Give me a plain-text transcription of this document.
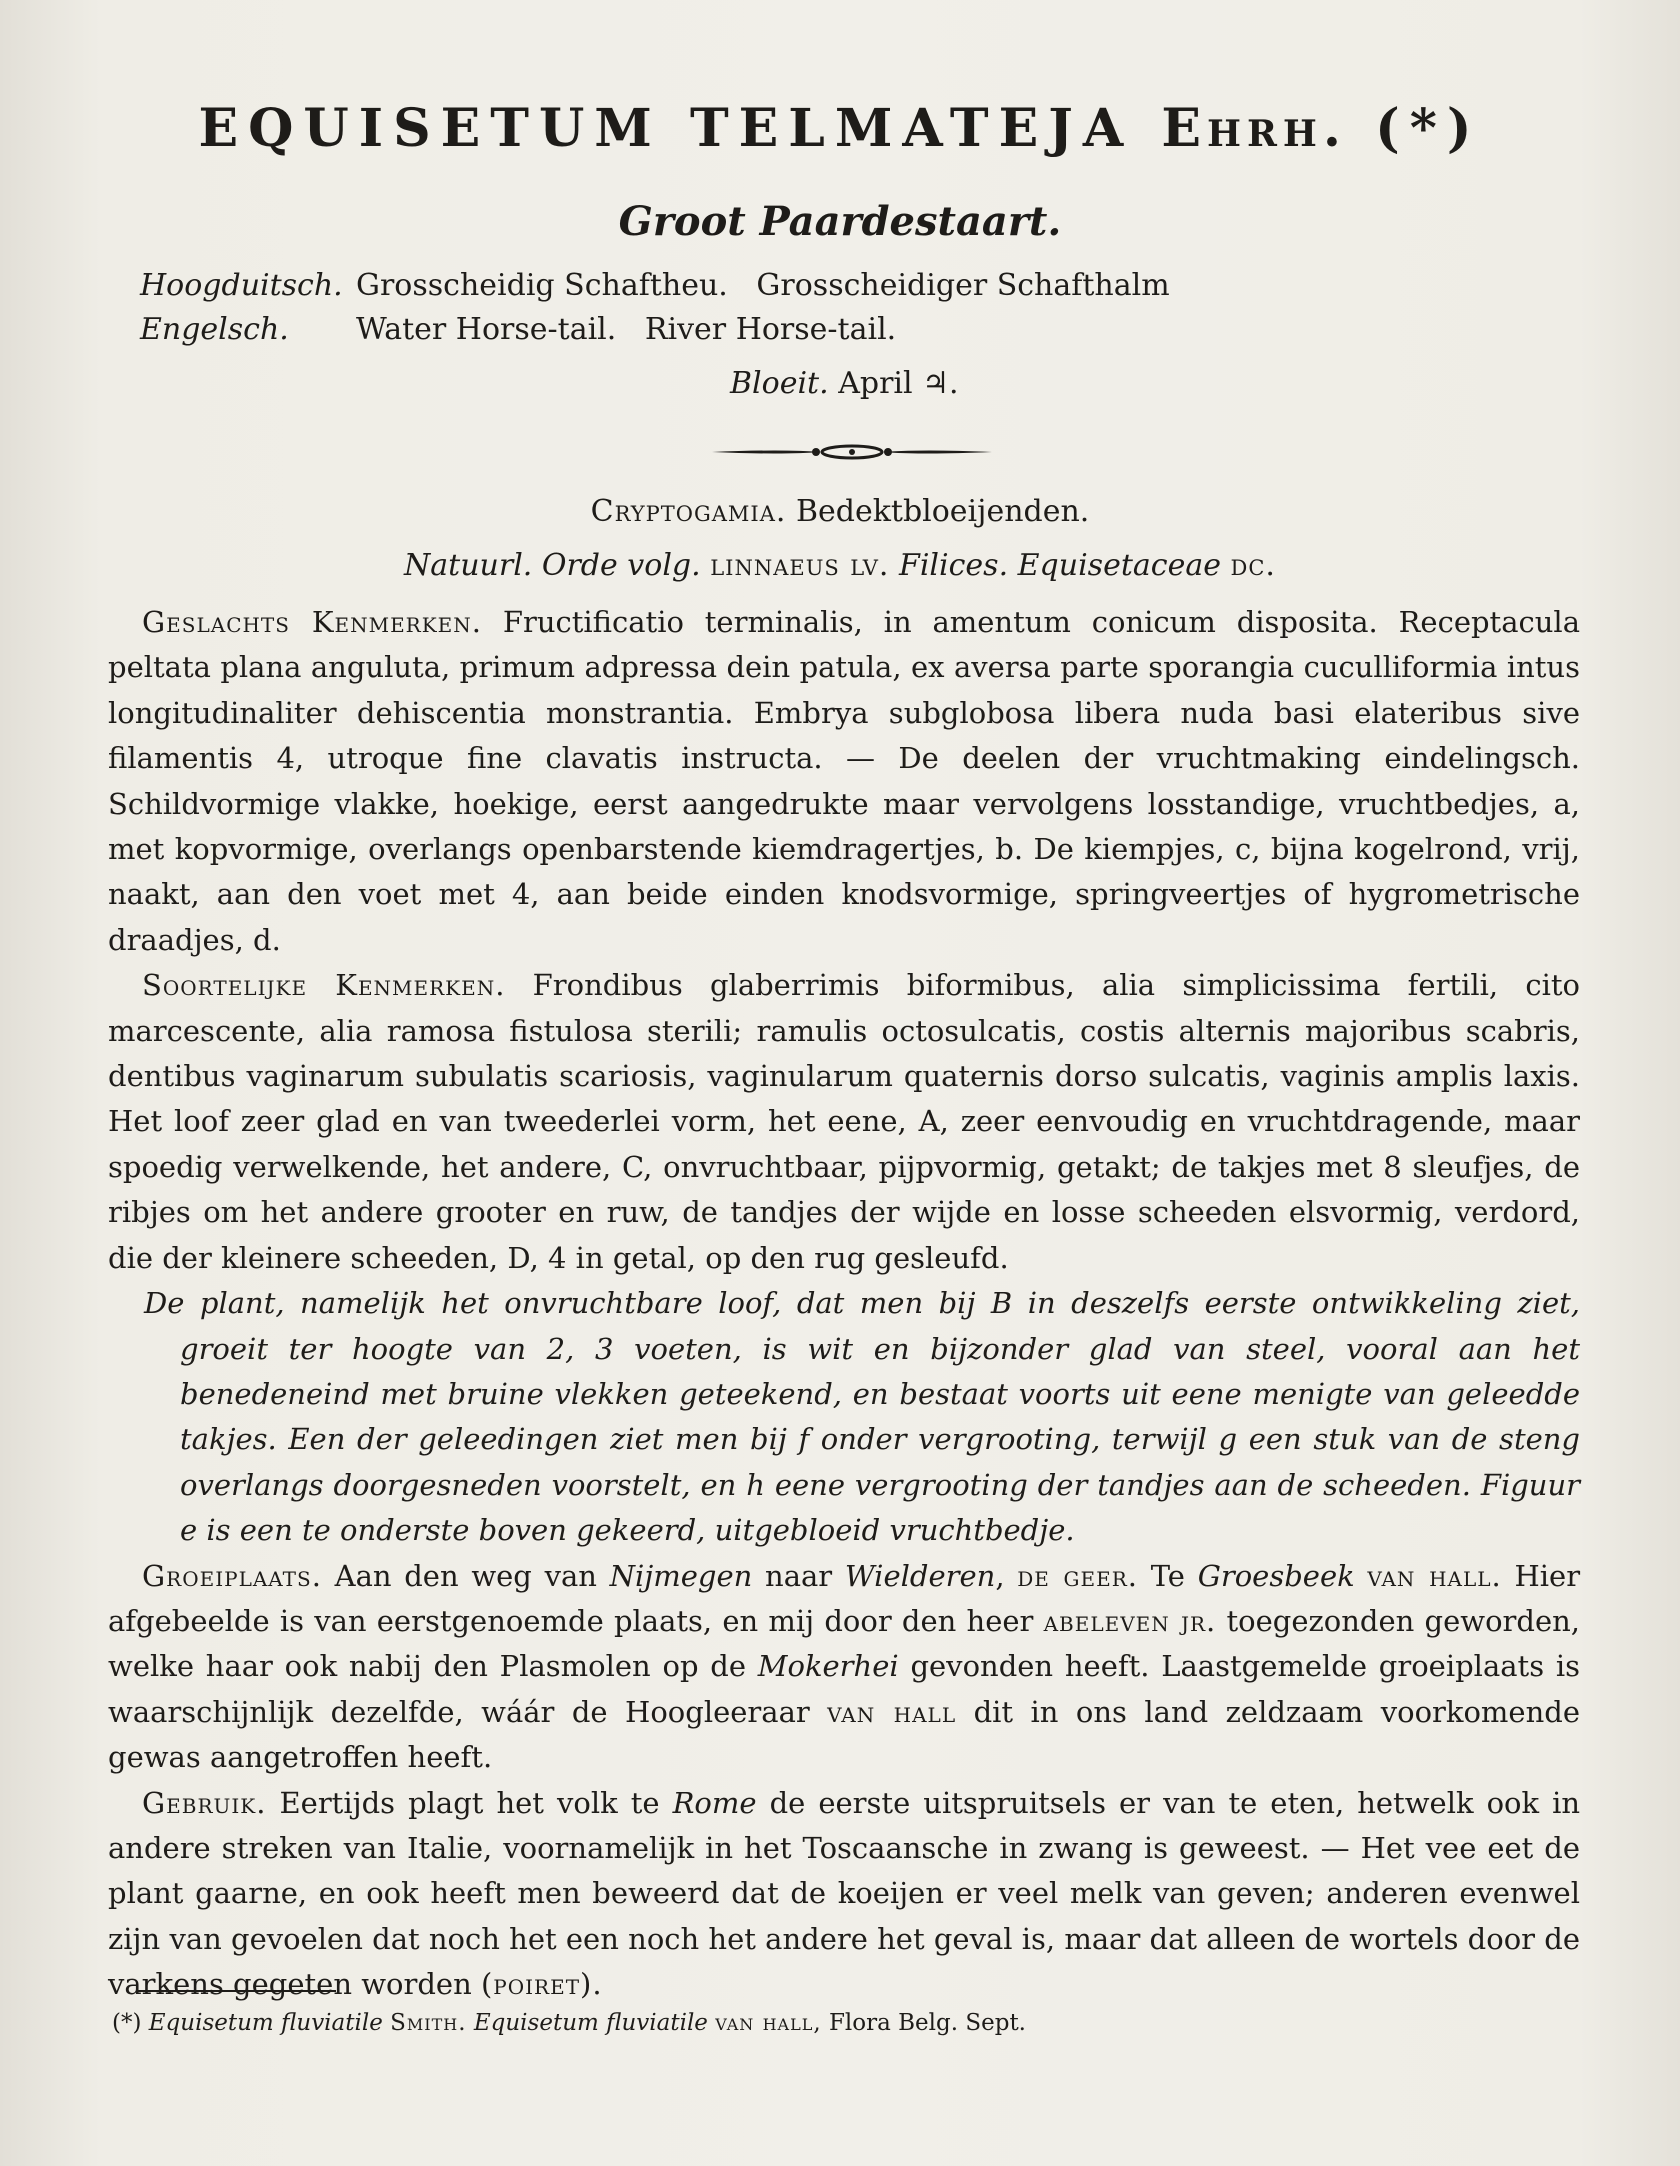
EQUISETUM TELMATEJA Ehrh. (*)
Groot Paardestaart.
Hoogduitsch. Grosscheidig Schaftheu.   Grosscheidiger Schafthalm
Engelsch. Water Horse-tail.   River Horse-tail.
Bloeit. April ♃.
Cryptogamia. Bedektbloeijenden.
Natuurl. Orde volg. linnaeus lv. Filices. Equisetaceae dc.

Geslachts Kenmerken. Fructificatio terminalis, in amentum conicum disposita. Receptacula peltata plana anguluta, primum adpressa dein patula, ex aversa parte sporangia cuculliformia intus longitudinaliter dehiscentia monstrantia. Embrya subglobosa libera nuda basi elateribus sive filamentis 4, utroque fine clavatis instructa. — De deelen der vruchtmaking eindelingsch. Schildvormige vlakke, hoekige, eerst aangedrukte maar vervolgens losstandige, vruchtbedjes, a, met kopvormige, overlangs openbarstende kiemdragertjes, b. De kiempjes, c, bijna kogelrond, vrij, naakt, aan den voet met 4, aan beide einden knodsvormige, springveertjes of hygrometrische draadjes, d.

Soortelijke Kenmerken. Frondibus glaberrimis biformibus, alia simplicissima fertili, cito marcescente, alia ramosa fistulosa sterili; ramulis octosulcatis, costis alternis majoribus scabris, dentibus vaginarum subulatis scariosis, vaginularum quaternis dorso sulcatis, vaginis amplis laxis. Het loof zeer glad en van tweederlei vorm, het eene, A, zeer eenvoudig en vruchtdragende, maar spoedig verwelkende, het andere, C, onvruchtbaar, pijpvormig, getakt; de takjes met 8 sleufjes, de ribjes om het andere grooter en ruw, de tandjes der wijde en losse scheeden elsvormig, verdord, die der kleinere scheeden, D, 4 in getal, op den rug gesleufd.

De plant, namelijk het onvruchtbare loof, dat men bij B in deszelfs eerste ontwikkeling ziet, groeit ter hoogte van 2, 3 voeten, is wit en bijzonder glad van steel, vooral aan het benedeneind met bruine vlekken geteekend, en bestaat voorts uit eene menigte van geleedde takjes. Een der geleedingen ziet men bij f onder vergrooting, terwijl g een stuk van de steng overlangs doorgesneden voorstelt, en h eene vergrooting der tandjes aan de scheeden. Figuur e is een te onderste boven gekeerd, uitgebloeid vruchtbedje.

Groeiplaats. Aan den weg van Nijmegen naar Wielderen, de geer. Te Groesbeek van hall. Hier afgebeelde is van eerstgenoemde plaats, en mij door den heer abeleven jr. toegezonden geworden, welke haar ook nabij den Plasmolen op de Mokerhei gevonden heeft. Laastgemelde groeiplaats is waarschijnlijk dezelfde, wáár de Hoogleeraar van hall dit in ons land zeldzaam voorkomende gewas aangetroffen heeft.

Gebruik. Eertijds plagt het volk te Rome de eerste uitspruitsels er van te eten, hetwelk ook in andere streken van Italie, voornamelijk in het Toscaansche in zwang is geweest. — Het vee eet de plant gaarne, en ook heeft men beweerd dat de koeijen er veel melk van geven; anderen evenwel zijn van gevoelen dat noch het een noch het andere het geval is, maar dat alleen de wortels door de varkens gegeten worden (poiret).

(*) Equisetum fluviatile Smith. Equisetum fluviatile van hall, Flora Belg. Sept.
